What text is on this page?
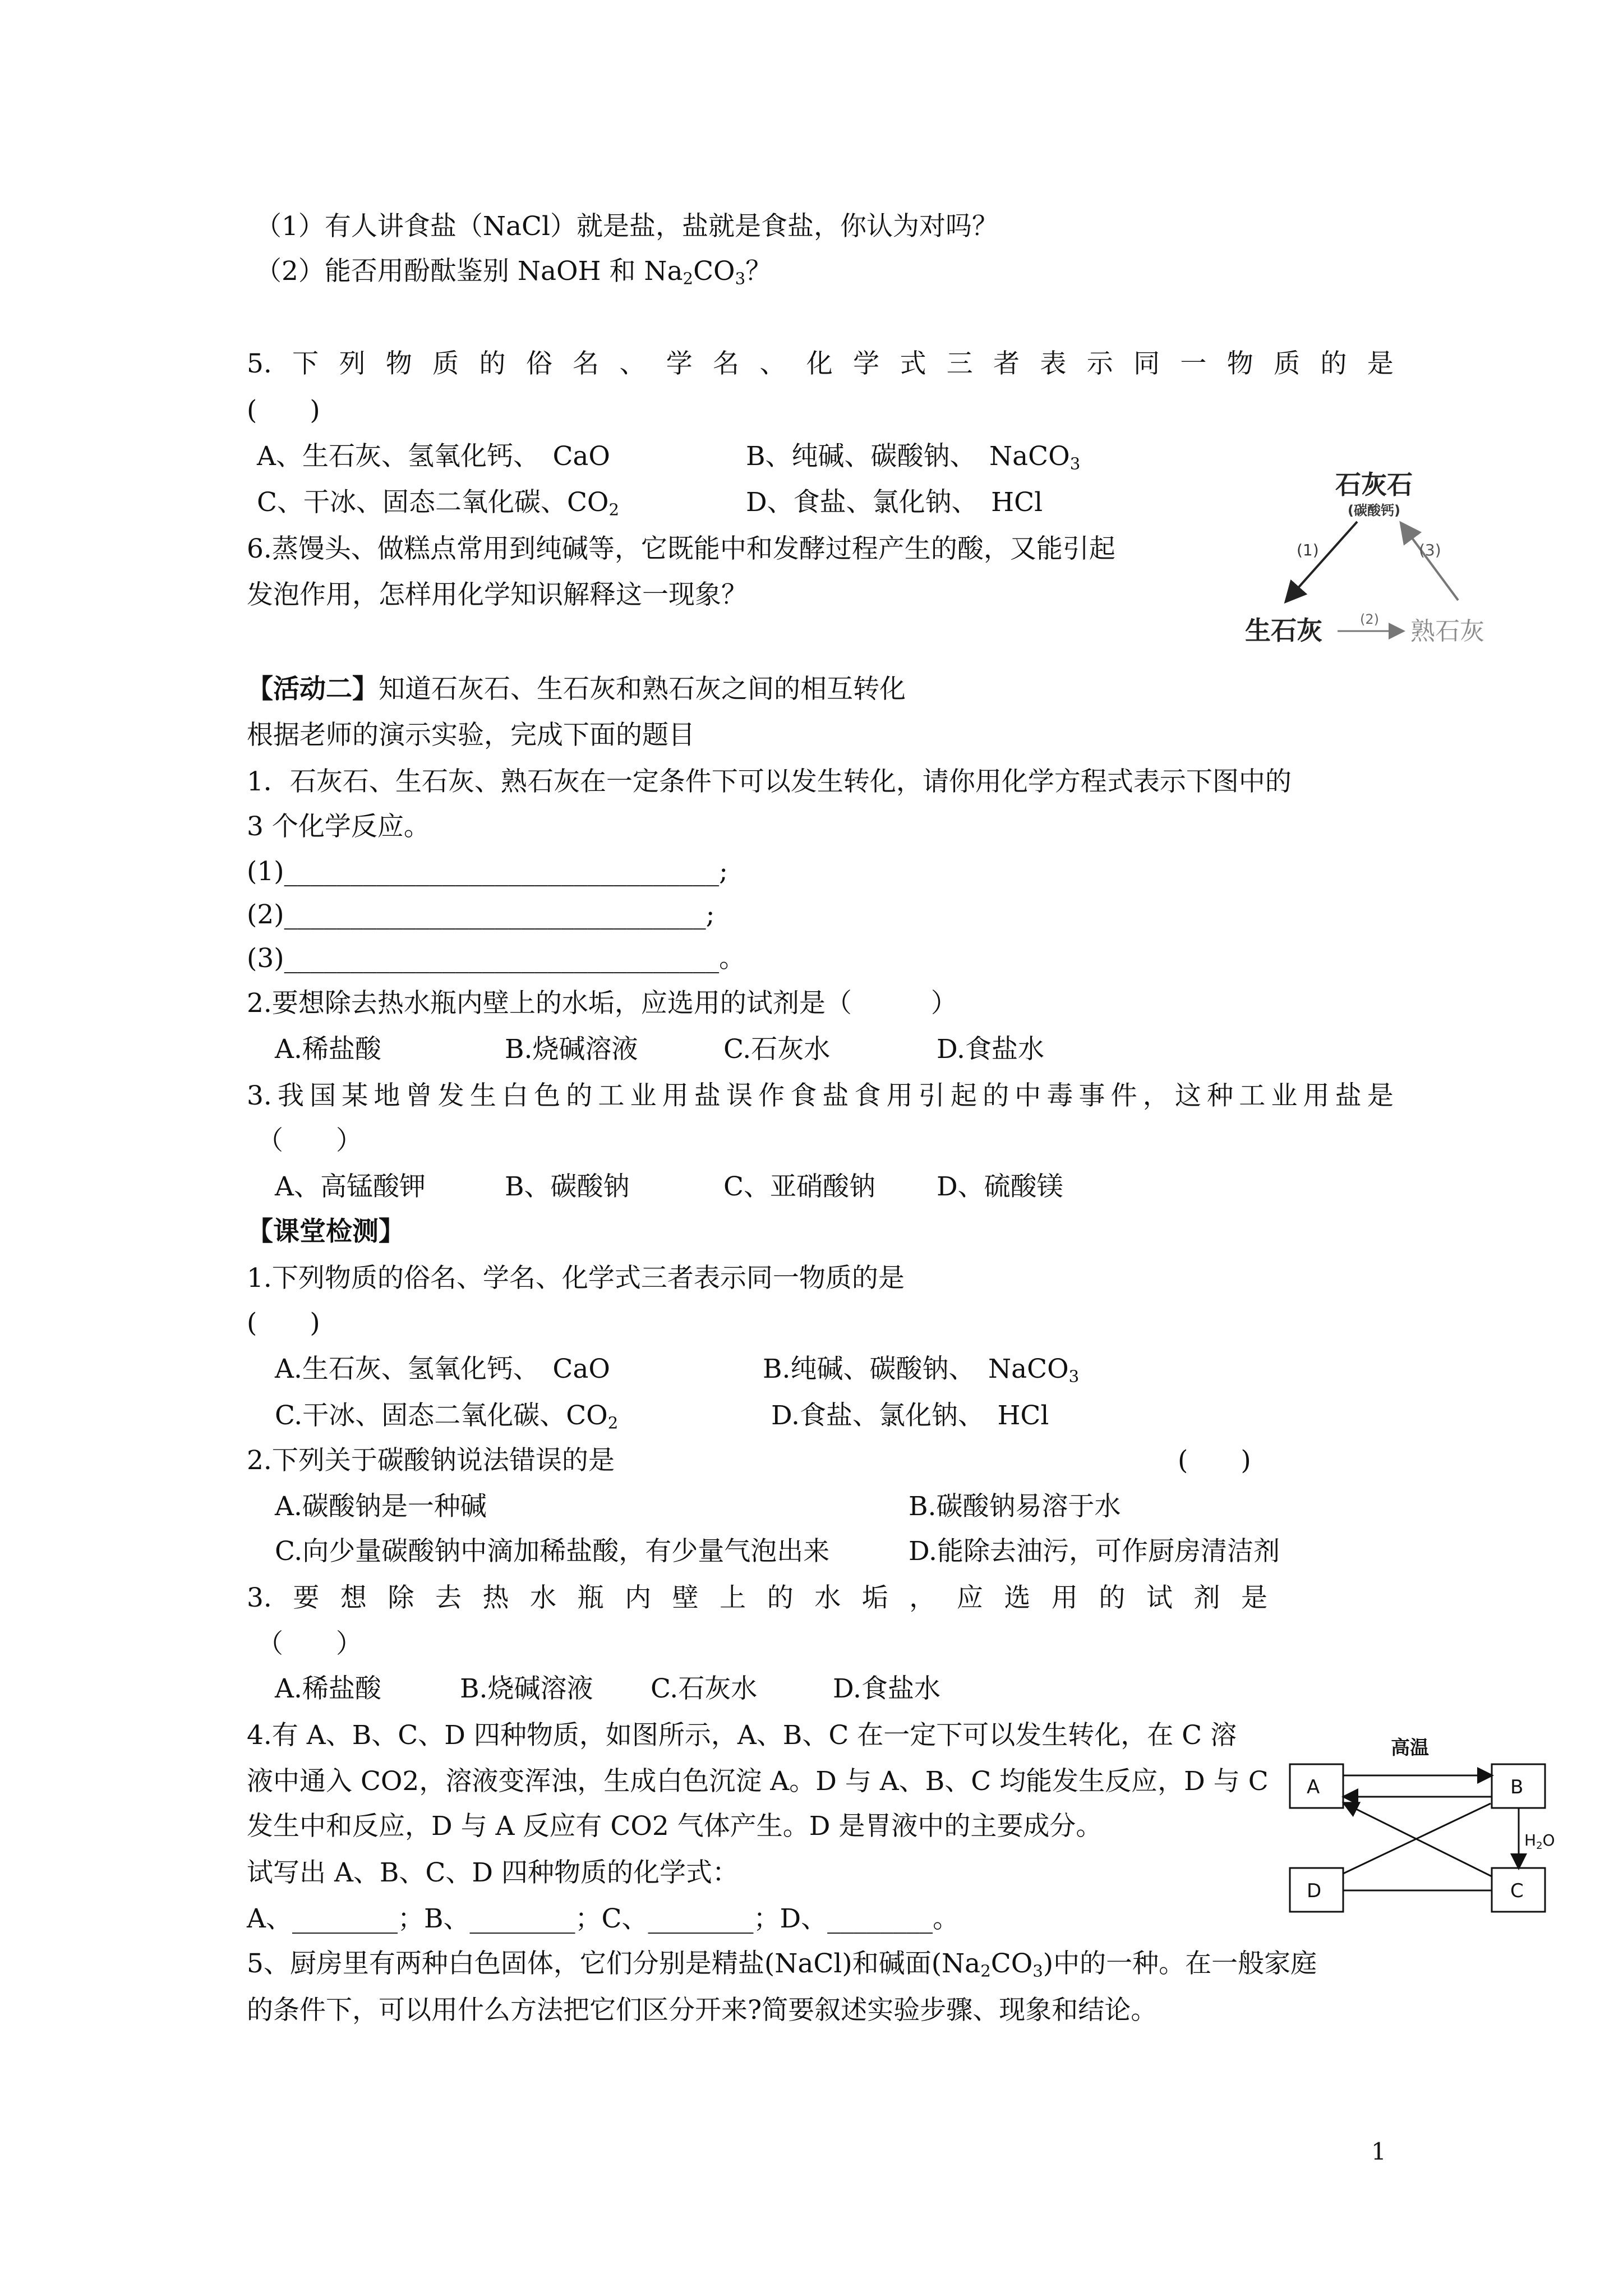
（1）有人讲食盐（NaCl）就是盐，盐就是食盐，你认为对吗？
（2）能否用酚酞鉴别 NaOH 和 $Na_2CO_3$？
5. 下 列 物 质 的 俗 名 、 学 名 、 化 学 式 三 者 表 示 同 一 物 质 的 是
(　　)
A、生石灰、氢氧化钙、　CaO	B、纯碱、碳酸钠、　NaCO$_3$
C、干冰、固态二氧化碳、$CO_2$	D、食盐、氯化钠、　HCl
6.蒸馒头、做糕点常用到纯碱等，它既能中和发酵过程产生的酸，又能引起
发泡作用，怎样用化学知识解释这一现象？
石灰石
(碳酸钙)
(1)
(2)
(3)
生石灰	熟石灰
【活动二】知道石灰石、生石灰和熟石灰之间的相互转化
根据老师的演示实验，完成下面的题目
1．石灰石、生石灰、熟石灰在一定条件下可以发生转化，请你用化学方程式表示下图中的
3 个化学反应。
(1)_________________________________;
(2)________________________________;
(3)_________________________________。
2.要想除去热水瓶内壁上的水垢，应选用的试剂是（　　　）
A.稀盐酸	B.烧碱溶液	C.石灰水	D.食盐水
3. 我 国 某 地 曾 发 生 白 色 的 工 业 用 盐 误 作 食 盐 食 用 引 起 的 中 毒 事 件 ， 这 种 工 业 用 盐 是
（　　）
A、高锰酸钾	B、碳酸钠	C、亚硝酸钠 D、硫酸镁
【课堂检测】
1.下列物质的俗名、学名、化学式三者表示同一物质的是
(　　)
A.生石灰、氢氧化钙、　CaO	B.纯碱、碳酸钠、　NaCO$_3$
C.干冰、固态二氧化碳、$CO_2$	D.食盐、氯化钠、　HCl
2.下列关于碳酸钠说法错误的是	(　　)
A.碳酸钠是一种碱	B.碳酸钠易溶于水
C.向少量碳酸钠中滴加稀盐酸，有少量气泡出来	D.能除去油污，可作厨房清洁剂
3. 要 想 除 去 热 水 瓶 内 壁 上 的 水 垢 ， 应 选 用 的 试 剂 是
（　　）
A.稀盐酸	B.烧碱溶液 C.石灰水	D.食盐水
4.有 A、B、C、D 四种物质，如图所示，A、B、C 在一定下可以发生转化，在 C 溶
液中通入 CO2，溶液变浑浊，生成白色沉淀 A。D 与 A、B、C 均能发生反应，D 与 C
发生中和反应，D 与 A 反应有 CO2 气体产生。D 是胃液中的主要成分。
试写出 A、B、C、D 四种物质的化学式：
A、________；B、________；C、________；D、________。
5、厨房里有两种白色固体，它们分别是精盐(NaCl)和碱面$(Na_2CO_3)$中的一种。在一般家庭
的条件下，可以用什么方法把它们区分开来?简要叙述实验步骤、现象和结论。
A	B
C
D
高温
$H_2O$
1
